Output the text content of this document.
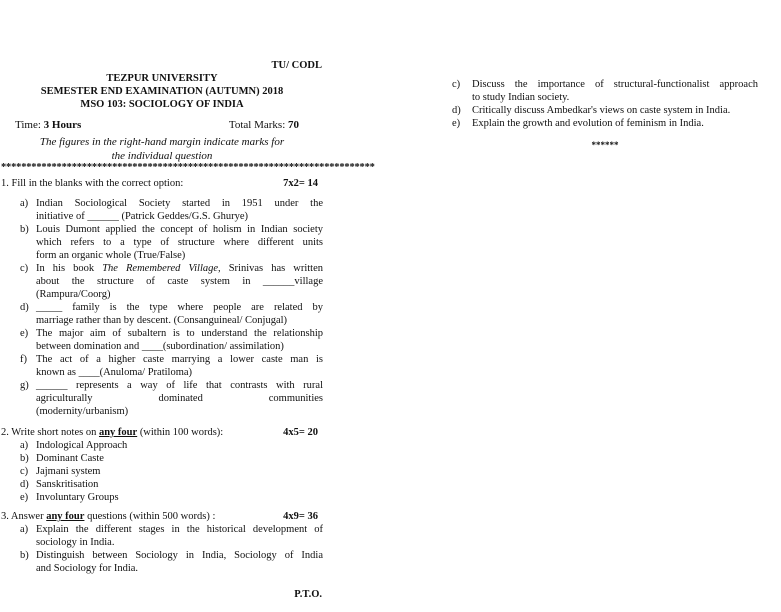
TU/ CODL
TEZPUR UNIVERSITY
SEMESTER END EXAMINATION (AUTUMN) 2018
MSO 103: SOCIOLOGY OF INDIA
Time: 3 Hours	Total Marks: 70
The figures in the right-hand margin indicate marks for
the individual question
**************************************************************************
1. Fill in the blanks with the correct option:	7x2= 14
a) Indian Sociological Society started in 1951 under the
initiative of ______ (Patrick Geddes/G.S. Ghurye)
b) Louis Dumont applied the concept of holism in Indian society
which refers to a type of structure where different units
form an organic whole (True/False)
c) In his book The Remembered Village, Srinivas has written
about the structure of caste system in ______village
(Rampura/Coorg)
d) _____ family is the type where people are related by
marriage rather than by descent. (Consanguineal/ Conjugal)
e) The major aim of subaltern is to understand the relationship
between domination and ____(subordination/ assimilation)
f) The act of a higher caste marrying a lower caste man is
known as ____(Anuloma/ Pratiloma)
g) ______ represents a way of life that contrasts with rural
agriculturally dominated communities
(modernity/urbanism)
2. Write short notes on any four (within 100 words):	4x5= 20
a) Indological Approach
b) Dominant Caste
c) Jajmani system
d) Sanskritisation
e) Involuntary Groups
3. Answer any four questions (within 500 words) :	4x9= 36
a) Explain the different stages in the historical development of
sociology in India.
b) Distinguish between Sociology in India, Sociology of India
and Sociology for India.
P.T.O.
c) Discuss the importance of structural-functionalist approach
to study Indian society.
d) Critically discuss Ambedkar's views on caste system in India.
e) Explain the growth and evolution of feminism in India.
******
